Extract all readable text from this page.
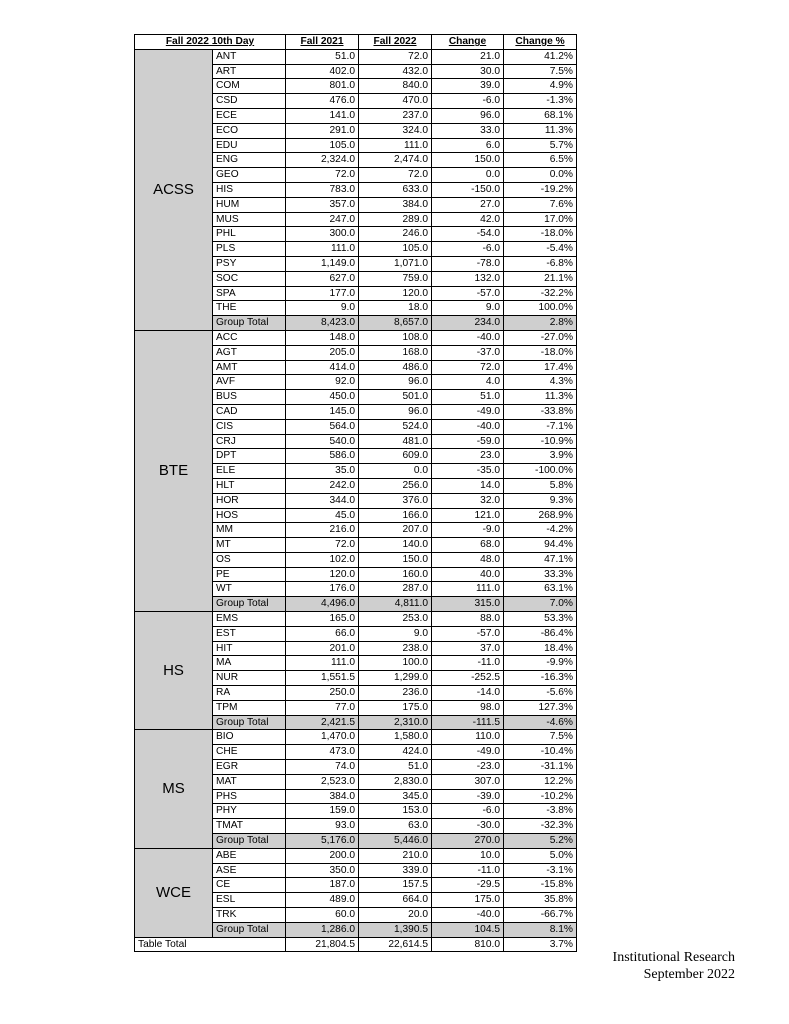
Fall 2022 10th Day		Fall 2021	Fall 2022	Change	Change %
ACSS	ANT	51.0	72.0	21.0	41.2%
	ART	402.0	432.0	30.0	7.5%
	COM	801.0	840.0	39.0	4.9%
	CSD	476.0	470.0	-6.0	-1.3%
	ECE	141.0	237.0	96.0	68.1%
	ECO	291.0	324.0	33.0	11.3%
	EDU	105.0	111.0	6.0	5.7%
	ENG	2,324.0	2,474.0	150.0	6.5%
	GEO	72.0	72.0	0.0	0.0%
	HIS	783.0	633.0	-150.0	-19.2%
	HUM	357.0	384.0	27.0	7.6%
	MUS	247.0	289.0	42.0	17.0%
	PHL	300.0	246.0	-54.0	-18.0%
	PLS	111.0	105.0	-6.0	-5.4%
	PSY	1,149.0	1,071.0	-78.0	-6.8%
	SOC	627.0	759.0	132.0	21.1%
	SPA	177.0	120.0	-57.0	-32.2%
	THE	9.0	18.0	9.0	100.0%
	Group Total	8,423.0	8,657.0	234.0	2.8%
BTE	ACC	148.0	108.0	-40.0	-27.0%
	AGT	205.0	168.0	-37.0	-18.0%
	AMT	414.0	486.0	72.0	17.4%
	AVF	92.0	96.0	4.0	4.3%
	BUS	450.0	501.0	51.0	11.3%
	CAD	145.0	96.0	-49.0	-33.8%
	CIS	564.0	524.0	-40.0	-7.1%
	CRJ	540.0	481.0	-59.0	-10.9%
	DPT	586.0	609.0	23.0	3.9%
	ELE	35.0	0.0	-35.0	-100.0%
	HLT	242.0	256.0	14.0	5.8%
	HOR	344.0	376.0	32.0	9.3%
	HOS	45.0	166.0	121.0	268.9%
	MM	216.0	207.0	-9.0	-4.2%
	MT	72.0	140.0	68.0	94.4%
	OS	102.0	150.0	48.0	47.1%
	PE	120.0	160.0	40.0	33.3%
	WT	176.0	287.0	111.0	63.1%
	Group Total	4,496.0	4,811.0	315.0	7.0%
HS	EMS	165.0	253.0	88.0	53.3%
	EST	66.0	9.0	-57.0	-86.4%
	HIT	201.0	238.0	37.0	18.4%
	MA	111.0	100.0	-11.0	-9.9%
	NUR	1,551.5	1,299.0	-252.5	-16.3%
	RA	250.0	236.0	-14.0	-5.6%
	TPM	77.0	175.0	98.0	127.3%
	Group Total	2,421.5	2,310.0	-111.5	-4.6%
MS	BIO	1,470.0	1,580.0	110.0	7.5%
	CHE	473.0	424.0	-49.0	-10.4%
	EGR	74.0	51.0	-23.0	-31.1%
	MAT	2,523.0	2,830.0	307.0	12.2%
	PHS	384.0	345.0	-39.0	-10.2%
	PHY	159.0	153.0	-6.0	-3.8%
	TMAT	93.0	63.0	-30.0	-32.3%
	Group Total	5,176.0	5,446.0	270.0	5.2%
WCE	ABE	200.0	210.0	10.0	5.0%
	ASE	350.0	339.0	-11.0	-3.1%
	CE	187.0	157.5	-29.5	-15.8%
	ESL	489.0	664.0	175.0	35.8%
	TRK	60.0	20.0	-40.0	-66.7%
	Group Total	1,286.0	1,390.5	104.5	8.1%
Table Total		21,804.5	22,614.5	810.0	3.7%
Institutional Research
September 2022
